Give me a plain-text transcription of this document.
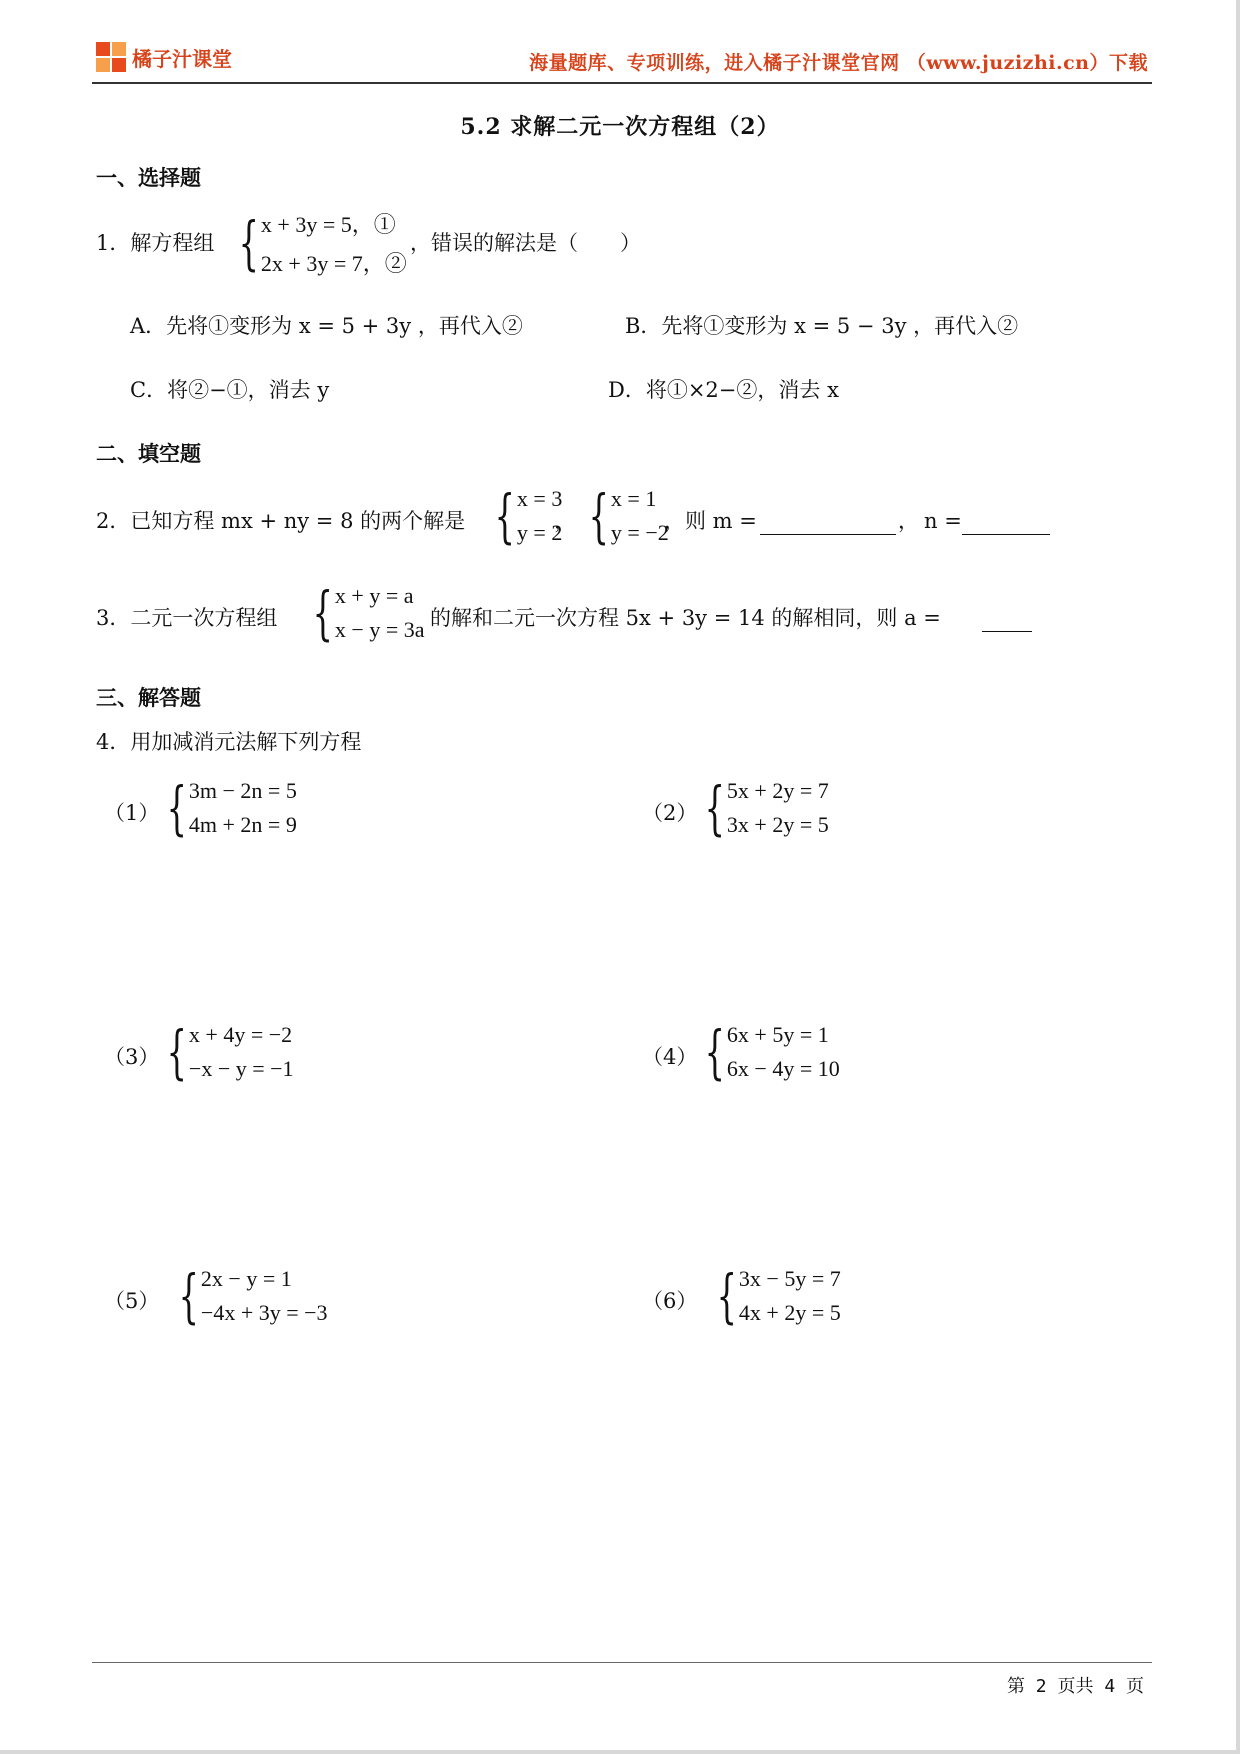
橘子汁课堂	海量题库、专项训练，进入橘子汁课堂官网 （www.juzizhi.cn）下载
5.2 求解二元一次方程组（2）
一、选择题
1．解方程组 { x + 3y = 5，①
2x + 3y = 7，②
，错误的解法是（　　）
A．先将①变形为 x = 5 + 3y ，再代入②	B．先将①变形为 x = 5 − 3y ，再代入②
C．将②−①，消去 y	D．将①×2−②，消去 x
二、填空题
2．已知方程 mx + ny = 8 的两个解是 { x = 3
y = 2
， { x = 1
y = −2
，则 m =	， n =
3．二元一次方程组 { x + y = a
x − y = 3a 的解和二元一次方程 5x + 3y = 14 的解相同，则 a =
三、解答题
4．用加减消元法解下列方程
（1） { 3m − 2n = 5
4m + 2n = 9	（2） { 5x + 2y = 7
3x + 2y = 5
（3） { x + 4y = −2
−x − y = −1	（4） { 6x + 5y = 1
6x − 4y = 10
（5） { 2x − y = 1
−4x + 3y = −3	（6） { 3x − 5y = 7
4x + 2y = 5
第 2 页共 4 页
